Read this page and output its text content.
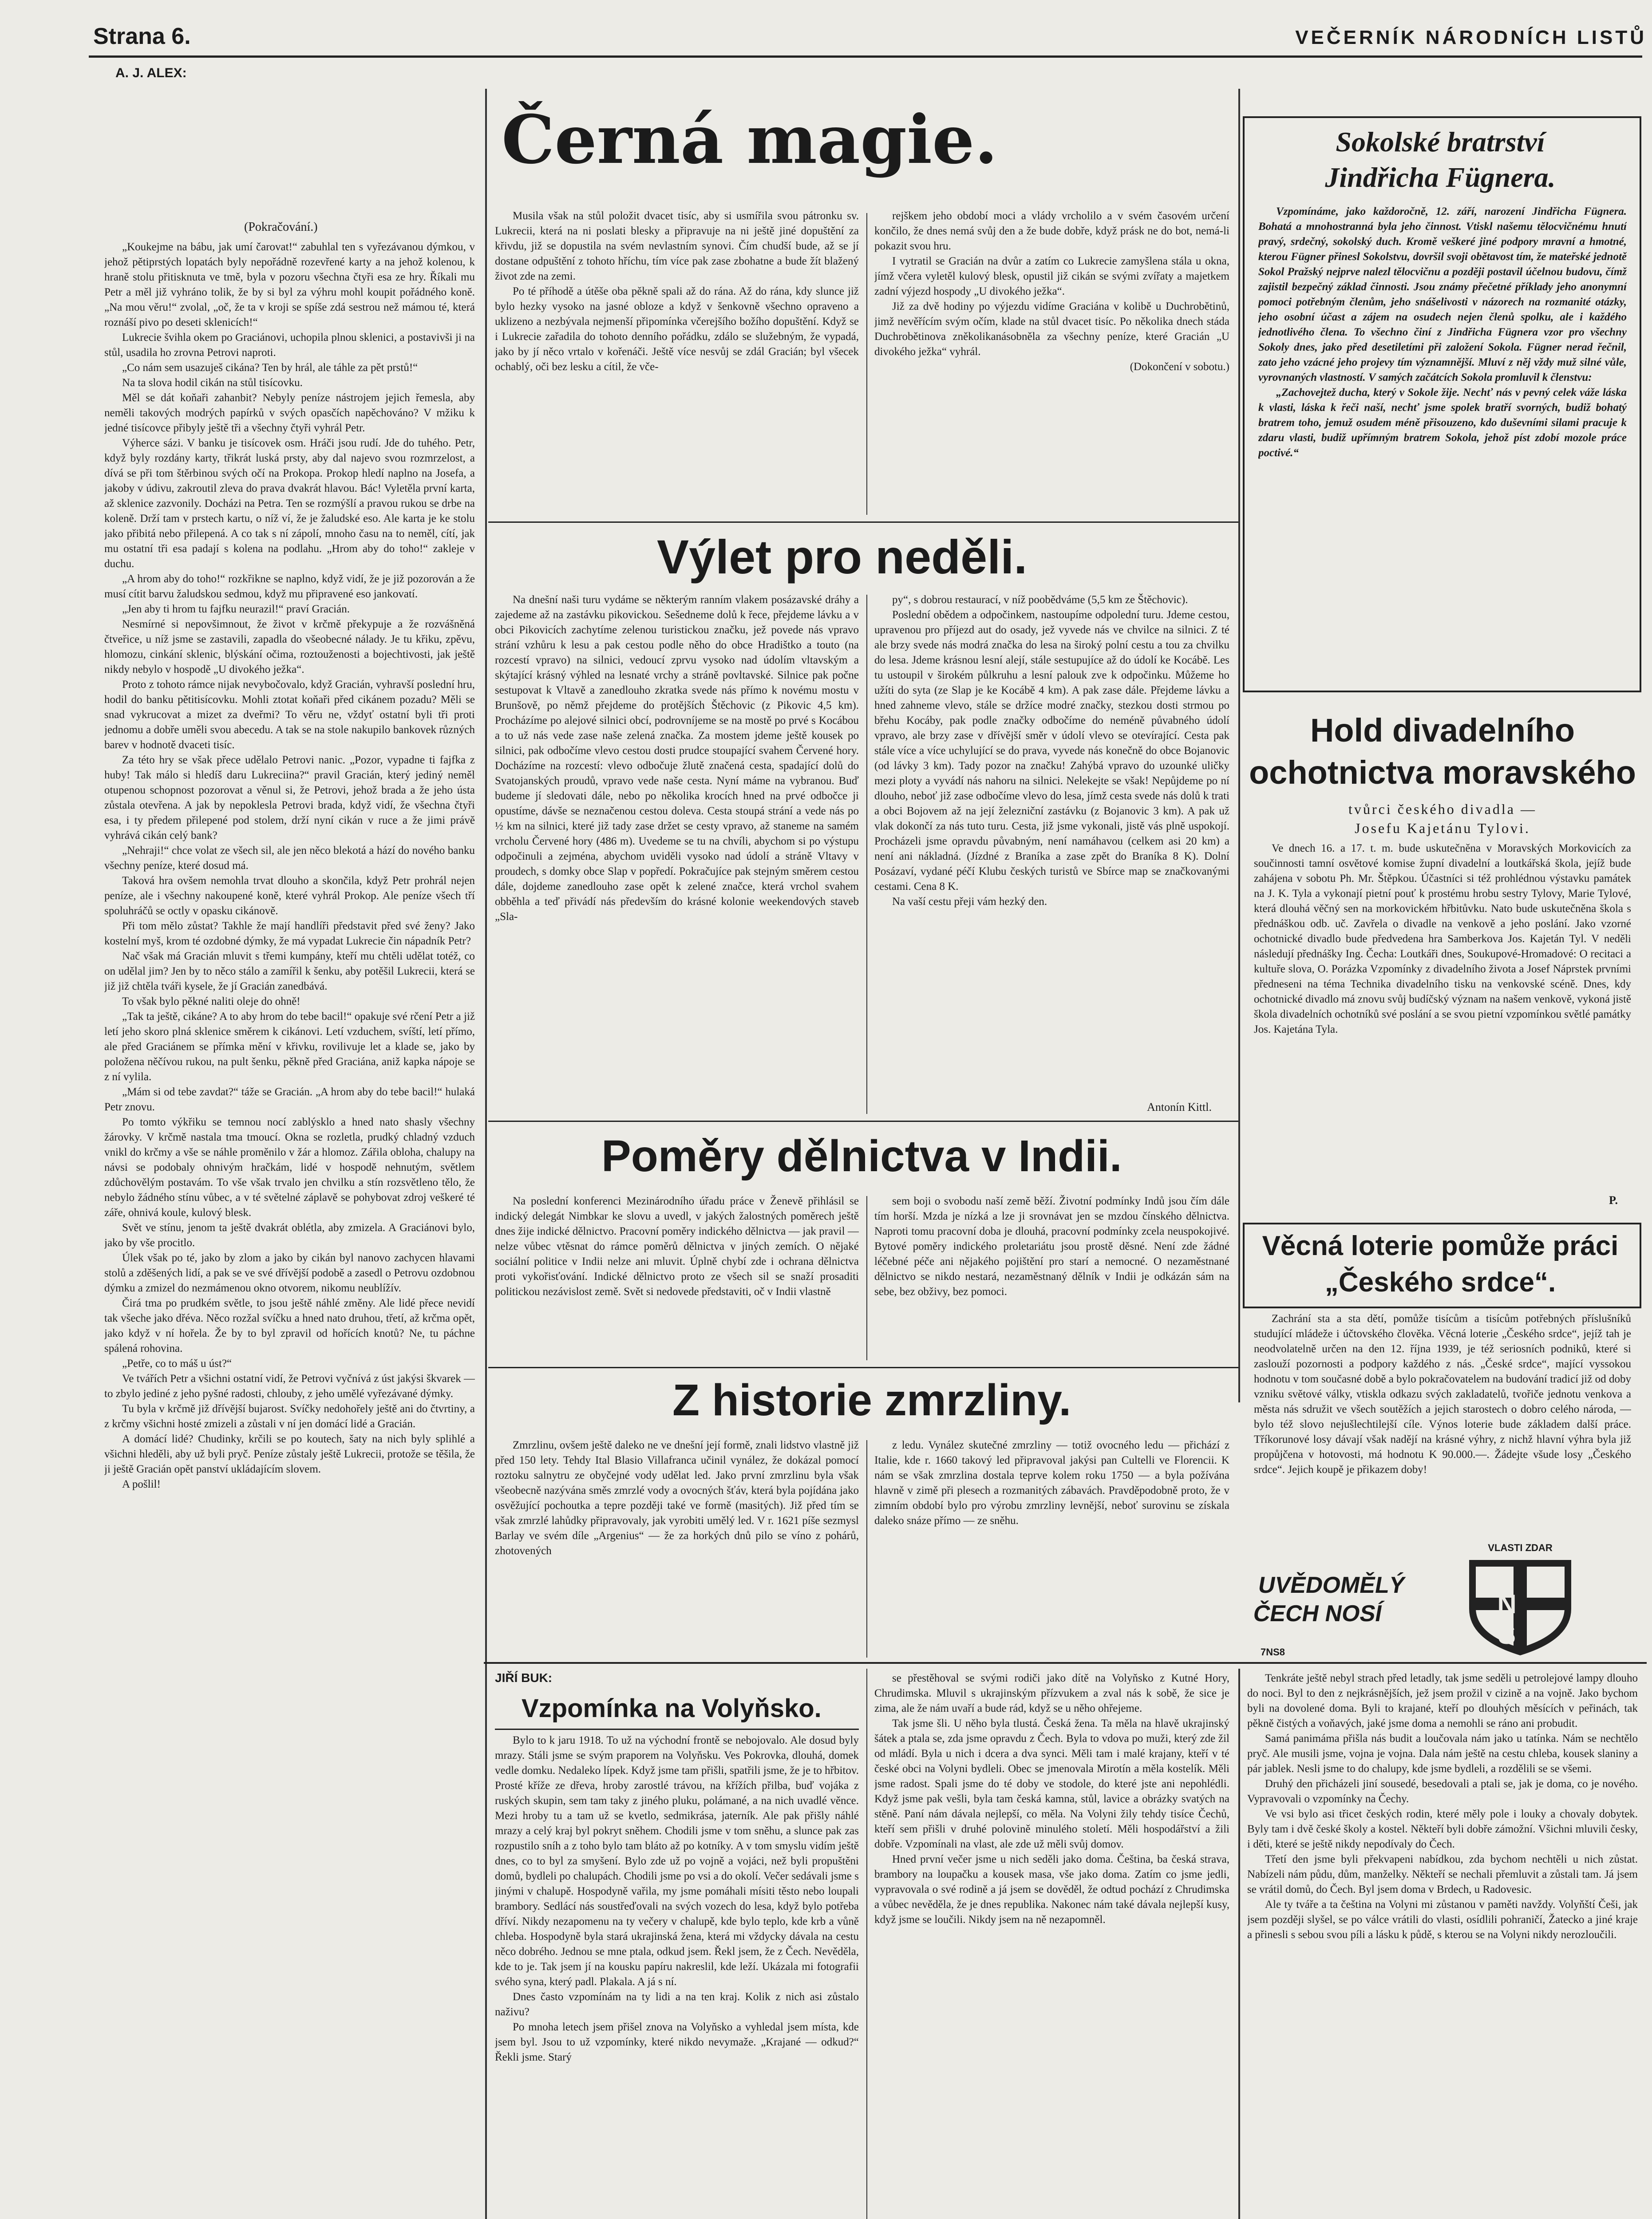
Strana 6.	VEČERNÍK NÁRODNÍCH LISTŮ
A. J. ALEX:
Černá magie.
(Pokračování.)

„Koukejme na bábu, jak umí čarovat!“ zabuhlal ten s vyřezávanou dýmkou, v jehož pětiprstých lopatách byly nepořádně rozevřené karty a na jehož kolenou, k hraně stolu přitisknuta ve tmě, byla v pozoru všechna čtyři esa ze hry. Říkali mu Petr a měl již vyhráno tolik, že by si byl za výhru mohl koupit pořádného koně. „Na mou věru!“ zvolal, „oč, že ta v kroji se spíše zdá sestrou než mámou té, která roznáší pivo po deseti sklenicích!“

Lukrecie švihla okem po Graciánovi, uchopila plnou sklenici, a postavivši ji na stůl, usadila ho zrovna Petrovi naproti.

„Co nám sem usazuješ cikána? Ten by hrál, ale táhle za pět prstů!“

Na ta slova hodil cikán na stůl tisícovku.

Měl se dát koňaři zahanbit? Nebyly peníze nástrojem jejich řemesla, aby neměli takových modrých papírků v svých opasčích napěchováno? V mžiku k jedné tisícovce přibyly ještě tři a všechny čtyři vyhrál Petr.

Výherce sázi. V banku je tisícovek osm. Hráči jsou rudí. Jde do tuhého. Petr, když byly rozdány karty, třikrát luská prsty, aby dal najevo svou rozmrzelost, a dívá se při tom štěrbinou svých očí na Prokopa. Prokop hledí naplno na Josefa, a jakoby v údivu, zakroutil zleva do prava dvakrát hlavou. Bác! Vyletěla první karta, až sklenice zazvonily. Docházi na Petra. Ten se rozmýšlí a pravou rukou se drbe na koleně. Drží tam v prstech kartu, o níž ví, že je žaludské eso. Ale karta je ke stolu jako přibitá nebo přilepená. A co tak s ní zápolí, mnoho času na to neměl, cítí, jak mu ostatní tři esa padají s kolena na podlahu. „Hrom aby do toho!“ zakleje v duchu.

„A hrom aby do toho!“ rozkřikne se naplno, když vidí, že je již pozorován a že musí cítit barvu žaludskou sedmou, když mu připravené eso jankovatí.

„Jen aby ti hrom tu fajfku neurazil!“ praví Gracián.

Nesmírné si nepovšimnout, že život v krčmě překypuje a že rozvášněná čtveřice, u níž jsme se zastavili, zapadla do všeobecné nálady. Je tu křiku, zpěvu, hlomozu, cinkání sklenic, blýskání očima, roztouženosti a bojechtivosti, jak ještě nikdy nebylo v hospodě „U divokého ježka“.

Proto z tohoto rámce nijak nevybočovalo, když Gracián, vyhravší poslední hru, hodil do banku pětitisícovku. Mohli ztotat koňaři před cikánem pozadu? Měli se snad vykrucovat a mizet za dveřmi? To věru ne, vždyť ostatní byli tři proti jednomu a dobře uměli svou abecedu. A tak se na stole nakupilo bankovek různých barev v hodnotě dvaceti tisíc.

Za této hry se však přece udělalo Petrovi nanic. „Pozor, vypadne ti fajfka z huby! Tak málo si hledíš daru Lukreciina?“ pravil Gracián, který jediný neměl otupenou schopnost pozorovat a věnul si, že Petrovi, jehož brada a že jeho ústa zůstala otevřena. A jak by nepoklesla Petrovi brada, když vidí, že všechna čtyři esa, i ty předem přilepené pod stolem, drží nyní cikán v ruce a že jimi právě vyhrává cikán celý bank?

„Nehraji!“ chce volat ze všech sil, ale jen něco blekotá a hází do nového banku všechny peníze, které dosud má.

Taková hra ovšem nemohla trvat dlouho a skončila, když Petr prohrál nejen peníze, ale i všechny nakoupené koně, které vyhrál Prokop. Ale peníze všech tří spoluhráčů se octly v opasku cikánově.

Při tom mělo zůstat? Takhle že mají handlíři představit před své ženy? Jako kostelní myš, krom té ozdobné dýmky, že má vypadat Lukrecie čin nápadník Petr?

Nač však má Gracián mluvit s třemi kumpány, kteří mu chtěli udělat totéž, co on udělal jim? Jen by to něco stálo a zamířil k šenku, aby potěšil Lukrecii, která se již již chtěla tváři kysele, že jí Gracián zanedbává.

To však bylo pěkné naliti oleje do ohně!

„Tak ta ještě, cikáne? A to aby hrom do tebe bacil!“ opakuje své rčení Petr a již letí jeho skoro plná sklenice směrem k cikánovi. Letí vzduchem, svíští, letí přímo, ale před Graciánem se přímka mění v křivku, rovilivuje let a klade se, jako by položena něčívou rukou, na pult šenku, pěkně před Graciána, aniž kapka nápoje se z ní vylila.

„Mám si od tebe zavdat?“ táže se Gracián. „A hrom aby do tebe bacil!“ hulaká Petr znovu.

Po tomto výkřiku se temnou nocí zablýsklo a hned nato shasly všechny žárovky. V krčmě nastala tma tmoucí. Okna se rozletla, prudký chladný vzduch vnikl do krčmy a vše se náhle proměnilo v žár a hlomoz. Zářila obloha, chalupy na návsi se podobaly ohnivým hračkám, lidé v hospodě nehnutým, světlem zdůchovělým postavám. To vše však trvalo jen chvilku a stín rozsvětleno tělo, že nebylo žádného stínu vůbec, a v té světelné záplavě se pohybovat zdroj veškeré té záře, ohnivá koule, kulový blesk.

Svět ve stínu, jenom ta ještě dvakrát oblétla, aby zmizela. A Graciánovi bylo, jako by vše procitlo.

Úlek však po té, jako by zlom a jako by cikán byl nanovo zachycen hlavami stolů a zděšených lidí, a pak se ve své dřívější podobě a zasedl o Petrovu ozdobnou dýmku a zmizel do nezmámenou okno otvorem, nikomu neublížív.

Čirá tma po prudkém světle, to jsou ještě náhlé změny. Ale lidé přece nevidí tak všeche jako dřéva. Něco rozžal svíčku a hned nato druhou, třetí, až krčma opět, jako když v ní hořela. Že by to byl zpravil od hořících knotů? Ne, tu páchne spálená rohovina.

„Petře, co to máš u úst?“

Ve tvářích Petr a všichni ostatní vidí, že Petrovi vyčnívá z úst jakýsi škvarek — to zbylo jediné z jeho pyšné radosti, chlouby, z jeho umělé vyřezávané dýmky.

Tu byla v krčmě již dřívější bujarost. Svíčky nedohořely ještě ani do čtvrtiny, a z krčmy všichni hosté zmizeli a zůstali v ní jen domácí lidé a Gracián.

A domácí lidé? Chudinky, krčili se po koutech, šaty na nich byly splihlé a všichni hleděli, aby už byli pryč. Peníze zůstaly ještě Lukrecii, protože se těšila, že ji ještě Gracián opět panství ukládajícím slovem.

A pošlil!

Musila však na stůl položit dvacet tisíc, aby si usmířila svou pátronku sv. Lukrecii, která na ni poslati blesky a připravuje na ni ještě jiné dopuštění za křivdu, již se dopustila na svém nevlastním synovi. Čím chudší bude, až se jí dostane odpuštění z tohoto hříchu, tím více pak zase zbohatne a bude žít blažený život zde na zemi.

Po té příhodě a útěše oba pěkně spali až do rána. Až do rána, kdy slunce již bylo hezky vysoko na jasné obloze a když v šenkovně všechno opraveno a uklizeno a nezbývala nejmenší připomínka včerejšího božího dopuštění. Když se i Lukrecie zařadila do tohoto denního pořádku, zdálo se služebným, že vypadá, jako by jí něco vrtalo v kořenáči. Ještě více nesvůj se zdál Gracián; byl všecek ochablý, oči bez lesku a cítil, že vče-

rejškem jeho období moci a vlády vrcholilo a v svém časovém určení končilo, že dnes nemá svůj den a že bude dobře, když prásk ne do bot, nemá-li pokazit svou hru.

I vytratil se Gracián na dvůr a zatím co Lukrecie zamyšlena stála u okna, jímž včera vyletěl kulový blesk, opustil již cikán se svými zvířaty a majetkem zadní výjezd hospody „U divokého ježka“.

Již za dvě hodiny po výjezdu vidíme Graciána v kolibě u Duchrobětinů, jimž nevěřícím svým očím, klade na stůl dvacet tisíc. Po několika dnech stáda Duchrobětinova zněkolikanásobněla za všechny peníze, které Gracián „U divokého ježka“ vyhrál.

(Dokončení v sobotu.)

Výlet pro neděli.

Na dnešní naši turu vydáme se některým ranním vlakem posázavské dráhy a zajedeme až na zastávku pikovickou. Sešedneme dolů k řece, přejdeme lávku a v obci Pikovicích zachytíme zelenou turistickou značku, jež povede nás vpravo strání vzhůru k lesu a pak cestou podle něho do obce Hradištko a touto (na rozcestí vpravo) na silnici, vedoucí zprvu vysoko nad údolím vltavským a skýtající krásný výhled na lesnaté vrchy a stráně povltavské. Silnice pak počne sestupovat k Vltavě a zanedlouho zkratka svede nás přímo k novému mostu v Brunšově, po němž přejdeme do protějších Štěchovic (z Pikovic 4,5 km). Procházíme po alejové silnici obcí, podrovníjeme se na mostě po prvé s Kocábou a to už nás vede zase naše zelená značka. Za mostem jdeme ještě kousek po silnici, pak odbočíme vlevo cestou dosti prudce stoupající svahem Červené hory. Docházíme na rozcestí: vlevo odbočuje žlutě značená cesta, spadající dolů do Svatojanských proudů, vpravo vede naše cesta. Nyní máme na vybranou. Buď budeme jí sledovati dále, nebo po několika krocích hned na prvé odbočce ji opustíme, dávše se neznačenou cestou doleva. Cesta stoupá strání a vede nás po ½ km na silnici, které již tady zase držet se cesty vpravo, až staneme na samém vrcholu Červené hory (486 m). Uvedeme se tu na chvíli, abychom si po výstupu odpočinuli a zejména, abychom uviděli vysoko nad údolí a stráně Vltavy v proudech, s domky obce Slap v popředí. Pokračujíce pak stejným směrem cestou dále, dojdeme zanedlouho zase opět k zelené značce, která vrchol svahem obběhla a teď přivádí nás především do krásné kolonie weekendových staveb „Sla-

py“, s dobrou restaurací, v níž poobědváme (5,5 km ze Štěchovic).

Poslední obědem a odpočinkem, nastoupíme odpolední turu. Jdeme cestou, upravenou pro příjezd aut do osady, jež vyvede nás ve chvilce na silnici. Z té ale brzy svede nás modrá značka do lesa na široký polní cestu a tou za chvilku do lesa. Jdeme krásnou lesní alejí, stále sestupujíce až do údolí ke Kocábě. Les tu ustoupil v širokém půlkruhu a lesní palouk zve k odpočinku. Můžeme ho užíti do syta (ze Slap je ke Kocábě 4 km). A pak zase dále. Přejdeme lávku a hned zahneme vlevo, stále se držíce modré značky, stezkou dosti strmou po břehu Kocáby, pak podle značky odbočíme do neméně půvabného údolí vpravo, ale brzy zase v dřívější směr v údolí vlevo se otevírající. Cesta pak stále více a více uchylující se do prava, vyvede nás konečně do obce Bojanovic (od lávky 3 km). Tady pozor na značku! Zahýbá vpravo do uzounké uličky mezi ploty a vyvádí nás nahoru na silnici. Nelekejte se však! Nepůjdeme po ní dlouho, neboť již zase odbočíme vlevo do lesa, jímž cesta svede nás dolů k trati a obci Bojovem až na její železniční zastávku (z Bojanovic 3 km). A pak už vlak dokončí za nás tuto turu. Cesta, již jsme vykonali, jistě vás plně uspokojí. Procházeli jsme opravdu půvabným, není namáhavou (celkem asi 20 km) a není ani nákladná. (Jízdné z Braníka a zase zpět do Braníka 8 K). Dolní Posázaví, vydané péčí Klubu českých turistů ve Sbírce map se značkovanými cestami. Cena 8 K.

Na vaší cestu přeji vám hezký den.

Antonín Kittl.
Poměry dělnictva v Indii.

Na poslední konferenci Mezinárodního úřadu práce v Ženevě přihlásil se indický delegát Nimbkar ke slovu a uvedl, v jakých žalostných poměrech ještě dnes žije indické dělnictvo. Pracovní poměry indického dělnictva — jak pravil — nelze vůbec vtěsnat do rámce poměrů dělnictva v jiných zemích. O nějaké sociální politice v Indii nelze ani mluvit. Úplně chybí zde i ochrana dělnictva proti vykořisťování. Indické dělnictvo proto ze všech sil se snaží prosaditi politickou nezávislost země. Svět si nedovede představiti, oč v Indii vlastně

sem boji o svobodu naší země běží. Životní podmínky Indů jsou čím dále tím horší. Mzda je nízká a lze ji srovnávat jen se mzdou čínského dělnictva. Naproti tomu pracovní doba je dlouhá, pracovní podmínky zcela neuspokojivé. Bytové poměry indického proletariátu jsou prostě děsné. Není zde žádné léčebné péče ani nějakého pojištění pro starí a nemocné. O nezaměstnané dělnictvo se nikdo nestará, nezaměstnaný dělník v Indii je odkázán sám na sebe, bez obživy, bez pomoci.

Z historie zmrzliny.

Zmrzlinu, ovšem ještě daleko ne ve dnešní její formě, znali lidstvo vlastně již před 150 lety. Tehdy Ital Blasio Villafranca učinil vynález, že dokázal pomocí roztoku salnytru ze obyčejné vody udělat led. Jako první zmrzlinu byla však všeobecně nazývána směs zmrzlé vody a ovocných šťáv, která byla pojídána jako osvěžující pochoutka a tepre později také ve formě (masitých). Již před tím se však zmrzlé lahůdky připravovaly, jak vyrobiti umělý led. V r. 1621 píše sezmysl Barlay ve svém díle „Argenius“ — že za horkých dnů pilo se víno z pohárů, zhotovených

z ledu. Vynález skutečné zmrzliny — totiž ovocného ledu — přichází z Italie, kde r. 1660 takový led připravoval jakýsi pan Cultelli ve Florencii. K nám se však zmrzlina dostala teprve kolem roku 1750 — a byla požívána hlavně v zimě při plesech a rozmanitých zábavách. Pravděpodobně proto, že v zimním období bylo pro výrobu zmrzliny levnější, neboť surovinu se získala daleko snáze přímo — ze sněhu.

JIŘÍ BUK:
Vzpomínka na Volyňsko.

Bylo to k jaru 1918. To už na východní frontě se nebojovalo. Ale dosud byly mrazy. Stáli jsme se svým praporem na Volyňsku. Ves Pokrovka, dlouhá, domek vedle domku. Nedaleko lípek. Když jsme tam přišli, spatřili jsme, že je to hřbitov. Prosté kříže ze dřeva, hroby zarostlé trávou, na křížích přilba, buď vojáka z ruských skupin, sem tam taky z jiného pluku, polámané, a na nich uvadlé věnce. Mezi hroby tu a tam už se kvetlo, sedmikrása, jaterník. Ale pak přišly náhlé mrazy a celý kraj byl pokryt sněhem. Chodili jsme v tom sněhu, a slunce pak zas rozpustilo sníh a z toho bylo tam bláto až po kotníky. A v tom smyslu vidím ještě dnes, co to byl za smyšení. Bylo zde už po vojně a vojáci, než byli propuštěni domů, bydleli po chalupách. Chodili jsme po vsi a do okolí. Večer sedávali jsme s jinými v chalupě. Hospodyně vařila, my jsme pomáhali mísiti těsto nebo loupali brambory. Sedlácí nás soustřeďovali na svých vozech do lesa, když bylo potřeba dříví. Nikdy nezapomenu na ty večery v chalupě, kde bylo teplo, kde krb a vůně chleba. Hospodyně byla stará ukrajinská žena, která mi vždycky dávala na cestu něco dobrého. Jednou se mne ptala, odkud jsem. Řekl jsem, že z Čech. Nevěděla, kde to je. Tak jsem jí na kousku papíru nakreslil, kde leží. Ukázala mi fotografii svého syna, který padl. Plakala. A já s ní.

Dnes často vzpomínám na ty lidi a na ten kraj. Kolik z nich asi zůstalo naživu?

Po mnoha letech jsem přišel znova na Volyňsko a vyhledal jsem místa, kde jsem byl. Jsou to už vzpomínky, které nikdo nevymaže. „Krajané — odkud?“ Řekli jsme. Starý

se přestěhoval se svými rodiči jako dítě na Volyňsko z Kutné Hory, Chrudimska. Mluvil s ukrajinským přízvukem a zval nás k sobě, že sice je zima, ale že nám uvaří a bude rád, když se u něho ohřejeme.

Tak jsme šli. U něho byla tlustá. Česká žena. Ta měla na hlavě ukrajinský šátek a ptala se, zda jsme opravdu z Čech. Byla to vdova po muži, který zde žil od mládí. Byla u nich i dcera a dva synci. Měli tam i malé krajany, kteří v té české obci na Volyni bydleli. Obec se jmenovala Mirotín a měla kostelík. Měli jsme radost. Spali jsme do té doby ve stodole, do které jste ani nepohlédli. Když jsme pak vešli, byla tam česká kamna, stůl, lavice a obrázky svatých na stěně. Paní nám dávala nejlepší, co měla. Na Volyni žily tehdy tisíce Čechů, kteří sem přišli v druhé polovině minulého století. Měli hospodářství a žili dobře. Vzpomínali na vlast, ale zde už měli svůj domov.

Hned první večer jsme u nich seděli jako doma. Čeština, ba česká strava, brambory na loupačku a kousek masa, vše jako doma. Zatím co jsme jedli, vypravovala o své rodině a já jsem se dověděl, že odtud pochází z Chrudimska a vůbec nevěděla, že je dnes republika. Nakonec nám také dávala nejlepší kusy, když jsme se loučili. Nikdy jsem na ně nezapomněl.

Tenkráte ještě nebyl strach před letadly, tak jsme seděli u petrolejové lampy dlouho do noci. Byl to den z nejkrásnějších, jež jsem prožil v cizině a na vojně. Jako bychom byli na dovolené doma. Byli to krajané, kteří po dlouhých měsících v peřinách, tak pěkně čistých a voňavých, jaké jsme doma a nemohli se ráno ani probudit.

Samá panimáma přišla nás budit a loučovala nám jako u tatínka. Nám se nechtělo pryč. Ale musili jsme, vojna je vojna. Dala nám ještě na cestu chleba, kousek slaniny a pár jablek. Nesli jsme to do chalupy, kde jsme bydleli, a rozdělili se se všemi.

Druhý den přicházeli jiní sousedé, besedovali a ptali se, jak je doma, co je nového. Vypravovali o vzpomínky na Čechy.

Ve vsi bylo asi třicet českých rodin, které měly pole i louky a chovaly dobytek. Byly tam i dvě české školy a kostel. Někteří byli dobře zámožní. Všichni mluvili česky, i děti, které se ještě nikdy nepodívaly do Čech.

Třetí den jsme byli překvapeni nabídkou, zda bychom nechtěli u nich zůstat. Nabízeli nám půdu, dům, manželky. Někteří se nechali přemluvit a zůstali tam. Já jsem se vrátil domů, do Čech. Byl jsem doma v Brdech, u Radovesic.

Ale ty tváře a ta čeština na Volyni mi zůstanou v paměti navždy. Volyňští Češi, jak jsem později slyšel, se po válce vrátili do vlasti, osídlili pohraničí, Žatecko a jiné kraje a přinesli s sebou svou píli a lásku k půdě, s kterou se na Volyni nikdy nerozloučili.

Sokolské bratrství
Jindřicha Fügnera.

Vzpomínáme, jako každoročně, 12. září, narození Jindřicha Fügnera. Bohatá a mnohostranná byla jeho činnost. Vtiskl našemu tělocvičnému hnutí pravý, srdečný, sokolský duch. Kromě veškeré jiné podpory mravní a hmotné, kterou Fügner přinesl Sokolstvu, dovršil svoji obětavost tím, že mateřské jednotě Sokol Pražský nejprve nalezl tělocvičnu a později postavil účelnou budovu, čímž zajistil bezpečný základ činnosti. Jsou známy přečetné příklady jeho anonymní pomoci potřebným členům, jeho snášelivosti v názorech na rozmanité otázky, jeho osobní účast a zájem na osudech nejen členů spolku, ale i každého jednotlivého člena. To všechno činí z Jindřicha Fügnera vzor pro všechny Sokoly dnes, jako před desetiletími při založení Sokola. Fügner nerad řečnil, zato jeho vzácné jeho projevy tím významnější. Mluví z něj vždy muž silné vůle, vyrovnaných vlastností. V samých začátcích Sokola promluvil k členstvu:

„Zachovejtež ducha, který v Sokole žije. Nechť nás v pevný celek váže láska k vlasti, láska k řeči naší, nechť jsme spolek bratří svorných, budiž bohatý bratrem toho, jemuž osudem méně přisouzeno, kdo duševními silami pracuje k zdaru vlasti, budiž upřímným bratrem Sokola, jehož píst zdobí mozole práce poctivé.“

Hold divadelního
ochotnictva moravského
tvůrci českého divadla —
Josefu Kajetánu Tylovi.

Ve dnech 16. a 17. t. m. bude uskutečněna v Moravských Morkovicích za součinnosti tamní osvětové komise župní divadelní a loutkářská škola, jejíž bude zahájena v sobotu Ph. Mr. Štěpkou. Účastníci si též prohlédnou výstavku památek na J. K. Tyla a vykonají pietní pouť k prostému hrobu sestry Tylovy, Marie Tylové, která dlouhá věčný sen na morkovickém hřbitůvku. Nato bude uskutečněna škola s přednáškou odb. uč. Zavřela o divadle na venkově a jeho poslání. Jako vzorné ochotnické divadlo bude předvedena hra Samberkova Jos. Kajetán Tyl. V neděli následují přednášky Ing. Čecha: Loutkáři dnes, Soukupové-Hromadové: O recitaci a kultuře slova, O. Porázka Vzpomínky z divadelního života a Josef Náprstek prvními předneseni na téma Technika divadelního tisku na venkovské scéně. Dnes, kdy ochotnické divadlo má znovu svůj budíčský význam na našem venkově, vykoná jistě škola divadelních ochotníků své poslání a se svou pietní vzpomínkou světlé památky Jos. Kajetána Tyla.

P.
Věcná loterie pomůže práci
„Českého srdce“.

Zachrání sta a sta dětí, pomůže tisícům a tisícům potřebných příslušníků studující mládeže i účtovského člověka. Věcná loterie „Českého srdce“, jejíž tah je neodvolatelně určen na den 12. října 1939, je též seriosních podniků, které si zaslouží pozornosti a podpory každého z nás. „České srdce“, mající vyssokou hodnotu v tom současné době a bylo pokračovatelem na budování tradicí již od doby vzniku světové války, vtiskla odkazu svých zakladatelů, tvořiče jednotu venkova a města nás sdružit ve všech soutěžích a jejich starostech o dobro celého národa, — bylo též slovo nejušlechtilejší cíle. Výnos loterie bude základem další práce. Tříkorunové losy dávají však nadějí na krásné výhry, z nichž hlavní výhra byla již propůjčena v hotovosti, má hodnotu K 90.000.—. Žádejte všude losy „Českého srdce“. Jejich koupě je přikazem doby!

UVĚDOMĚLÝ
ČECH NOSÍ
VLASTI ZDAR
N S
7NS8
